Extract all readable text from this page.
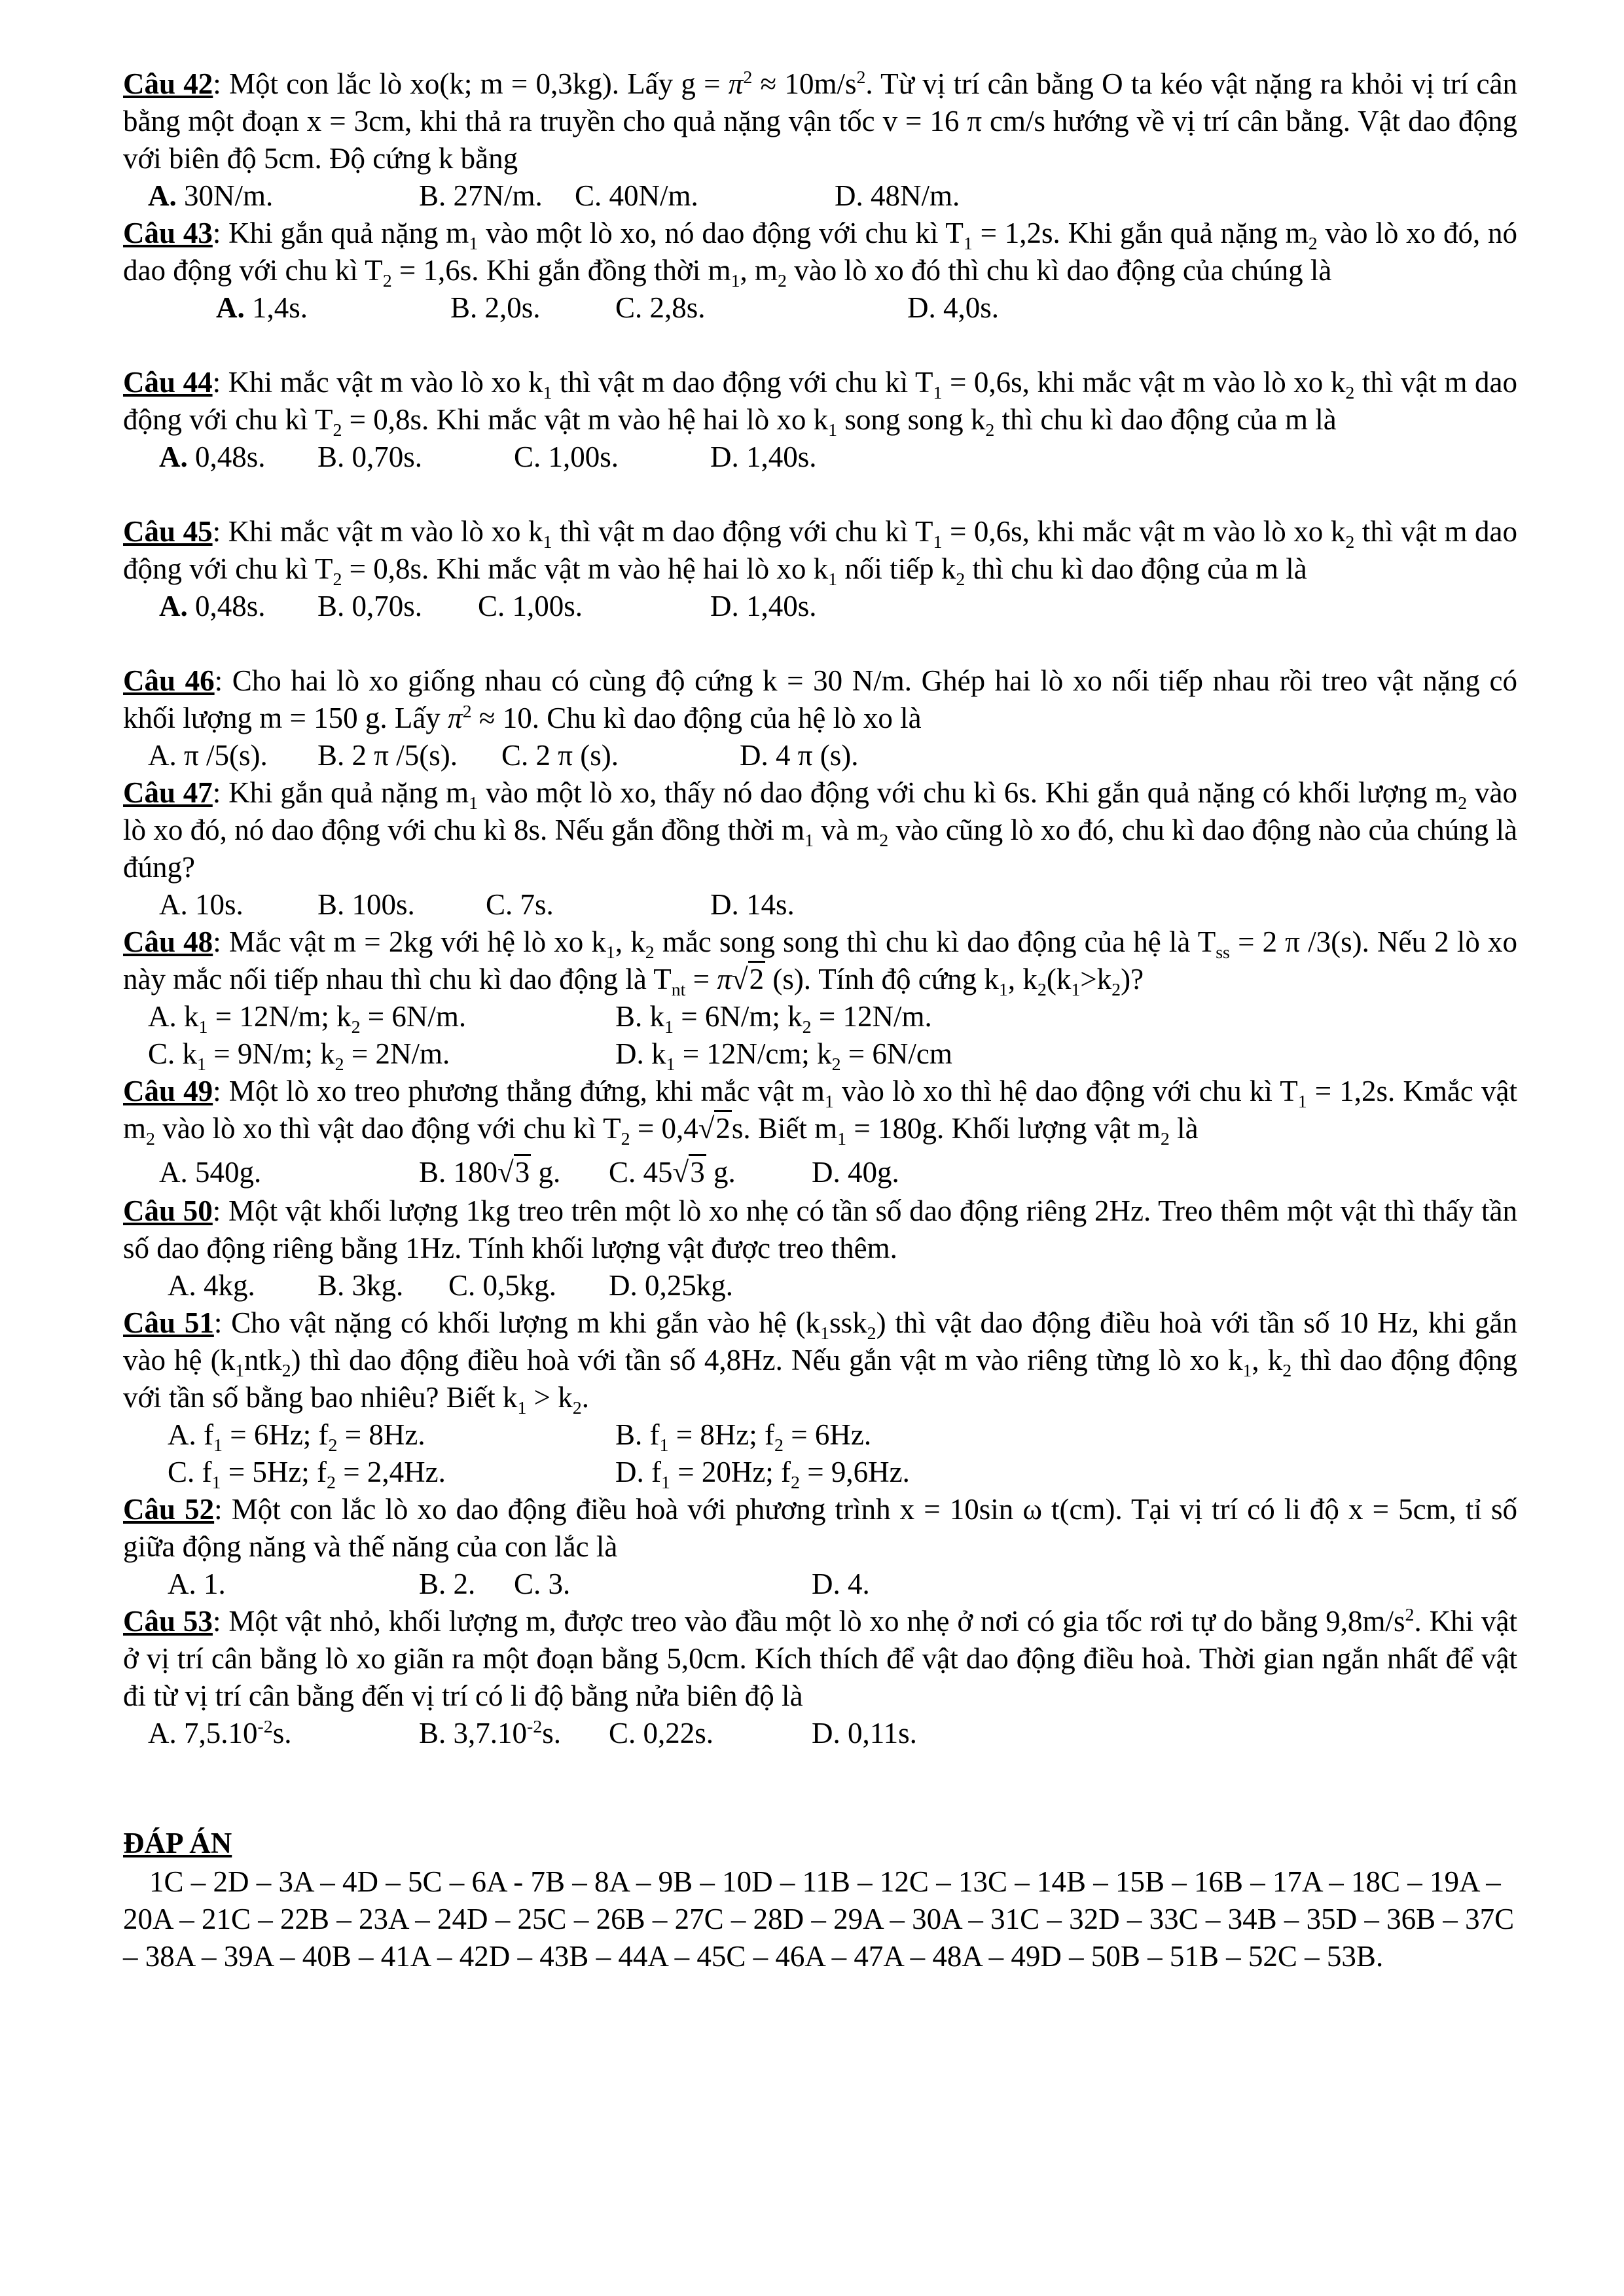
Câu 42: Một con lắc lò xo(k; m = 0,3kg). Lấy $g = \pi^2 \approx 10m/s^2$. Từ vị trí cân bằng O ta kéo vật nặng ra khỏi vị trí cân bằng một đoạn x = 3cm, khi thả ra truyền cho quả nặng vận tốc v = 16 π cm/s hướng về vị trí cân bằng. Vật dao động với biên độ 5cm. Độ cứng k bằng

A. 30N/m.	B. 27N/m. C. 40N/m.	D. 48N/m.

Câu 43: Khi gắn quả nặng $m_1$ vào một lò xo, nó dao động với chu kì $T_1 = 1,2s$. Khi gắn quả nặng $m_2$ vào lò xo đó, nó dao động với chu kì $T_2 = 1,6s$. Khi gắn đồng thời $m_1$, $m_2$ vào lò xo đó thì chu kì dao động của chúng là

A. 1,4s.	B. 2,0s.	C. 2,8s.	D. 4,0s.

Câu 44: Khi mắc vật m vào lò xo $k_1$ thì vật m dao động với chu kì $T_1 = 0,6s$, khi mắc vật m vào lò xo $k_2$ thì vật m dao động với chu kì $T_2 = 0,8s$. Khi mắc vật m vào hệ hai lò xo $k_1$ song song $k_2$ thì chu kì dao động của m là

A. 0,48s. B. 0,70s.	C. 1,00s.	D. 1,40s.

Câu 45: Khi mắc vật m vào lò xo $k_1$ thì vật m dao động với chu kì $T_1 = 0,6s$, khi mắc vật m vào lò xo $k_2$ thì vật m dao động với chu kì $T_2 = 0,8s$. Khi mắc vật m vào hệ hai lò xo $k_1$ nối tiếp $k_2$ thì chu kì dao động của m là

A. 0,48s. B. 0,70s. C. 1,00s.	D. 1,40s.

Câu 46: Cho hai lò xo giống nhau có cùng độ cứng k = 30 N/m. Ghép hai lò xo nối tiếp nhau rồi treo vật nặng có khối lượng m = 150 g. Lấy $\pi^2 \approx 10$. Chu kì dao động của hệ lò xo là

A. π /5(s). B. 2 π /5(s). C. 2 π (s).	D. 4 π (s).

Câu 47: Khi gắn quả nặng $m_1$ vào một lò xo, thấy nó dao động với chu kì 6s. Khi gắn quả nặng có khối lượng $m_2$ vào lò xo đó, nó dao động với chu kì 8s. Nếu gắn đồng thời $m_1$ và $m_2$ vào cũng lò xo đó, chu kì dao động nào của chúng là đúng?

A. 10s.	B. 100s. C. 7s.	D. 14s.

Câu 48: Mắc vật m = 2kg với hệ lò xo $k_1$, $k_2$ mắc song song thì chu kì dao động của hệ là $T_{ss} = 2$ π /3(s). Nếu 2 lò xo này mắc nối tiếp nhau thì chu kì dao động là $T_{nt} = \pi√2$ (s). Tính độ cứng $k_1$, $k_2(k_1>k_2)$?

A. $k_1 = 12N/m$; $k_2 = 6N/m$.	B. $k_1 = 6N/m$; $k_2 = 12N/m$.
C. $k_1 = 9N/m$; $k_2 = 2N/m$.	D. $k_1 = 12N/cm$; $k_2 = 6N/cm$

Câu 49: Một lò xo treo phương thẳng đứng, khi mắc vật $m_1$ vào lò xo thì hệ dao động với chu kì $T_1 = 1,2s$. Kmắc vật $m_2$ vào lò xo thì vật dao động với chu kì $T_2 = 0,4√2s$. Biết $m_1 = 180g$. Khối lượng vật $m_2$ là

A. 540g.	B. 180√3 g. C. 45√3 g.	D. 40g.

Câu 50: Một vật khối lượng 1kg treo trên một lò xo nhẹ có tần số dao động riêng 2Hz. Treo thêm một vật thì thấy tần số dao động riêng bằng 1Hz. Tính khối lượng vật được treo thêm.

A. 4kg. B. 3kg. C. 0,5kg. D. 0,25kg.

Câu 51: Cho vật nặng có khối lượng m khi gắn vào hệ $(k_1ssk_2)$ thì vật dao động điều hoà với tần số 10 Hz, khi gắn vào hệ $(k_1ntk_2)$ thì dao động điều hoà với tần số 4,8Hz. Nếu gắn vật m vào riêng từng lò xo $k_1$, $k_2$ thì dao động động với tần số bằng bao nhiêu? Biết $k_1 > k_2$.

A. $f_1 = 6Hz$; $f_2 = 8Hz$.	B. $f_1 = 8Hz$; $f_2 = 6Hz$.
C. $f_1 = 5Hz$; $f_2 = 2,4Hz$.	D. $f_1 = 20Hz$; $f_2 = 9,6Hz$.

Câu 52: Một con lắc lò xo dao động điều hoà với phương trình x = 10sin ω t(cm). Tại vị trí có li độ x = 5cm, tỉ số giữa động năng và thế năng của con lắc là

A. 1.	B. 2. C. 3.	D. 4.

Câu 53: Một vật nhỏ, khối lượng m, được treo vào đầu một lò xo nhẹ ở nơi có gia tốc rơi tự do bằng $9,8m/s^2$. Khi vật ở vị trí cân bằng lò xo giãn ra một đoạn bằng 5,0cm. Kích thích để vật dao động điều hoà. Thời gian ngắn nhất để vật đi từ vị trí cân bằng đến vị trí có li độ bằng nửa biên độ là

A. $7,5.10^{-2}s$.	B. $3,7.10^{-2}s$. C. 0,22s.	D. 0,11s.

ĐÁP ÁN

1C – 2D – 3A – 4D – 5C – 6A - 7B – 8A – 9B – 10D – 11B – 12C – 13C – 14B – 15B – 16B – 17A – 18C – 19A – 20A – 21C – 22B – 23A – 24D – 25C – 26B – 27C – 28D – 29A – 30A – 31C – 32D – 33C – 34B – 35D – 36B – 37C – 38A – 39A – 40B – 41A – 42D – 43B – 44A – 45C – 46A – 47A – 48A – 49D – 50B – 51B – 52C – 53B.
